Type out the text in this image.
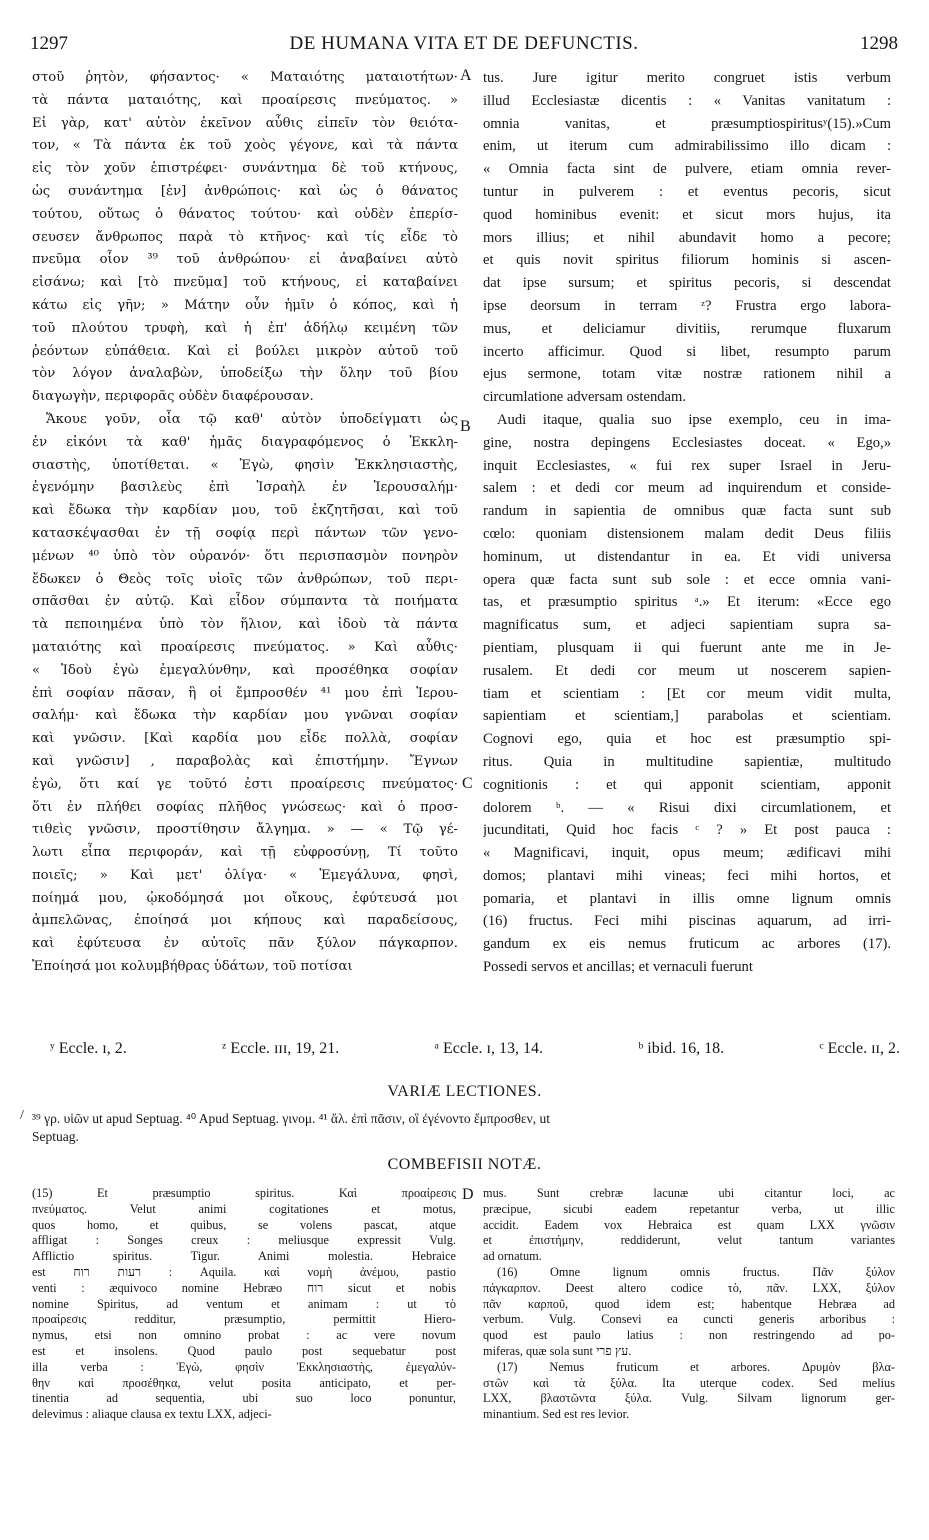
1297	DE HUMANA VITA ET DE DEFUNCTIS.	1298
A
B
C
D
στοῦ ῥητὸν, φήσαντος· « Ματαιότης ματαιοτήτων·
τὰ πάντα ματαιότης, καὶ προαίρεσις πνεύματος. »
Εἰ γὰρ, κατ' αὐτὸν ἐκεῖνον αὖθις εἰπεῖν τὸν θειότα-
τον, « Τὰ πάντα ἐκ τοῦ χοὸς γέγονε, καὶ τὰ πάντα
εἰς τὸν χοῦν ἐπιστρέφει· συνάντημα δὲ τοῦ κτήνους,
ὡς συνάντημα [ἐν] ἀνθρώποις· καὶ ὡς ὁ θάνατος
τούτου, οὕτως ὁ θάνατος τούτου· καὶ οὐδὲν ἐπερίσ-
σευσεν ἄνθρωπος παρὰ τὸ κτῆνος· καὶ τίς εἶδε τὸ
πνεῦμα οἷον ³⁹ τοῦ ἀνθρώπου· εἰ ἀναβαίνει αὐτὸ
εἰσάνω; καὶ [τὸ πνεῦμα] τοῦ κτήνους, εἰ καταβαίνει
κάτω εἰς γῆν; » Μάτην οὖν ἡμῖν ὁ κόπος, καὶ ἡ
τοῦ πλούτου τρυφὴ, καὶ ἡ ἐπ' ἀδήλῳ κειμένη τῶν
ῥεόντων εὐπάθεια. Καὶ εἰ βούλει μικρὸν αὐτοῦ τοῦ
τὸν λόγον ἀναλαβὼν, ὑποδείξω τὴν ὅλην τοῦ βίου
διαγωγὴν, περιφορᾶς οὐδὲν διαφέρουσαν.
Ἄκουε γοῦν, οἷα τῷ καθ' αὐτὸν ὑποδείγματι ὡς
ἐν εἰκόνι τὰ καθ' ἡμᾶς διαγραφόμενος ὁ Ἐκκλη-
σιαστὴς, ὑποτίθεται. « Ἐγὼ, φησὶν Ἐκκλησιαστὴς,
ἐγενόμην βασιλεὺς ἐπὶ Ἰσραὴλ ἐν Ἱερουσαλήμ·
καὶ ἔδωκα τὴν καρδίαν μου, τοῦ ἐκζητῆσαι, καὶ τοῦ
κατασκέψασθαι ἐν τῇ σοφίᾳ περὶ πάντων τῶν γενο-
μένων ⁴⁰ ὑπὸ τὸν οὐρανόν· ὅτι περισπασμὸν πονηρὸν
ἔδωκεν ὁ Θεὸς τοῖς υἱοῖς τῶν ἀνθρώπων, τοῦ περι-
σπᾶσθαι ἐν αὐτῷ. Καὶ εἶδον σύμπαντα τὰ ποιήματα
τὰ πεποιημένα ὑπὸ τὸν ἥλιον, καὶ ἰδοὺ τὰ πάντα
ματαιότης καὶ προαίρεσις πνεύματος. » Καὶ αὖθις·
« Ἰδοὺ ἐγὼ ἐμεγαλύνθην, καὶ προσέθηκα σοφίαν
ἐπὶ σοφίαν πᾶσαν, ἣ οἱ ἔμπροσθέν ⁴¹ μου ἐπὶ Ἱερου-
σαλήμ· καὶ ἔδωκα τὴν καρδίαν μου γνῶναι σοφίαν
καὶ γνῶσιν. [Καὶ καρδία μου εἶδε πολλὰ, σοφίαν
καὶ γνῶσιν] , παραβολὰς καὶ ἐπιστήμην. Ἔγνων
ἐγὼ, ὅτι καί γε τοῦτό ἐστι προαίρεσις πνεύματος·
ὅτι ἐν πλήθει σοφίας πλῆθος γνώσεως· καὶ ὁ προσ-
τιθεὶς γνῶσιν, προστίθησιν ἄλγημα. » — « Τῷ γέ-
λωτι εἶπα περιφοράν, καὶ τῇ εὐφροσύνῃ, Τί τοῦτο
ποιεῖς; » Καὶ μετ' ὀλίγα· « Ἐμεγάλυνα, φησὶ,
ποίημά μου, ᾠκοδόμησά μοι οἴκους, ἐφύτευσά μοι
ἀμπελῶνας, ἐποίησά μοι κήπους καὶ παραδείσους,
καὶ ἐφύτευσα ἐν αὐτοῖς πᾶν ξύλον πάγκαρπον.
Ἐποίησά μοι κολυμβήθρας ὑδάτων, τοῦ ποτίσαι
tus. Jure igitur merito congruet istis verbum
illud Ecclesiastæ dicentis : « Vanitas vanitatum :
omnia vanitas, et præsumptiospiritusʸ(15).»Cum
enim, ut iterum cum admirabilissimo illo dicam :
« Omnia facta sint de pulvere, etiam omnia rever-
tuntur in pulverem : et eventus pecoris, sicut
quod hominibus evenit: et sicut mors hujus, ita
mors illius; et nihil abundavit homo a pecore;
et quis novit spiritus filiorum hominis si ascen-
dat ipse sursum; et spiritus pecoris, si descendat
ipse deorsum in terram ᶻ? Frustra ergo labora-
mus, et deliciamur divitiis, rerumque fluxarum
incerto afficimur. Quod si libet, resumpto parum
ejus sermone, totam vitæ nostræ rationem nihil a
circumlatione adversam ostendam.
Audi itaque, qualia suo ipse exemplo, ceu in ima-
gine, nostra depingens Ecclesiastes doceat. « Ego,»
inquit Ecclesiastes, « fui rex super Israel in Jeru-
salem : et dedi cor meum ad inquirendum et conside-
randum in sapientia de omnibus quæ facta sunt sub
cœlo: quoniam distensionem malam dedit Deus filiis
hominum, ut distendantur in ea. Et vidi universa
opera quæ facta sunt sub sole : et ecce omnia vani-
tas, et præsumptio spiritus ᵃ.» Et iterum: «Ecce ego
magnificatus sum, et adjeci sapientiam supra sa-
pientiam, plusquam ii qui fuerunt ante me in Je-
rusalem. Et dedi cor meum ut noscerem sapien-
tiam et scientiam : [Et cor meum vidit multa,
sapientiam et scientiam,] parabolas et scientiam.
Cognovi ego, quia et hoc est præsumptio spi-
ritus. Quia in multitudine sapientiæ, multitudo
cognitionis : et qui apponit scientiam, apponit
dolorem ᵇ. — « Risui dixi circumlationem, et
jucunditati, Quid hoc facis ᶜ ? » Et post pauca :
« Magnificavi, inquit, opus meum; ædificavi mihi
domos; plantavi mihi vineas; feci mihi hortos, et
pomaria, et plantavi in illis omne lignum omnis
(16) fructus. Feci mihi piscinas aquarum, ad irri-
gandum ex eis nemus fruticum ac arbores (17).
Possedi servos et ancillas; et vernaculi fuerunt
ʸ Eccle. ɪ, 2.	ᶻ Eccle. ɪɪɪ, 19, 21.	ᵃ Eccle. ɪ, 13, 14.	ᵇ ibid. 16, 18.	ᶜ Eccle. ɪɪ, 2.
VARIÆ LECTIONES.
/ ³⁹ γρ. υἱῶν ut apud Septuag. ⁴⁰ Apud Septuag. γινομ. ⁴¹ ἄλ. ἐπὶ πᾶσιν, οἳ ἐγένοντο ἔμπροσθεν, ut
Septuag.
COMBEFISII NOTÆ.
(15) Et præsumptio spiritus. Καὶ προαίρεσις
πνεύματος. Velut animi cogitationes et motus,
quos homo, et quibus, se volens pascat, atque
affligat : Songes creux : meliusque expressit Vulg.
Afflictio spiritus. Tigur. Animi molestia. Hebraice
est רעות רוח : Aquila. καὶ νομὴ ἀνέμου, pastio
venti : æquivoco nomine Hebræo רוח sicut et nobis
nomine Spiritus, ad ventum et animam : ut τὸ
προαίρεσις redditur, præsumptio, permittit Hiero-
nymus, etsi non omnino probat : ac vere novum
est et insolens. Quod paulo post sequebatur post
illa verba : Ἐγὼ, φησὶν Ἐκκλησιαστὴς, ἐμεγαλύν-
θην καὶ προσέθηκα, velut posita anticipato, et per-
tinentia ad sequentia, ubi suo loco ponuntur,
delevimus : aliaque clausa ex textu LXX, adjeci-
mus. Sunt crebræ lacunæ ubi citantur loci, ac
præcipue, sicubi eadem repetantur verba, ut illic
accidit. Eadem vox Hebraica est quam LXX γνῶσιν
et ἐπιστήμην, reddiderunt, velut tantum variantes
ad ornatum.
(16) Omne lignum omnis fructus. Πᾶν ξύλον
πάγκαρπον. Deest altero codice τὸ, πᾶν. LXX, ξύλον
πᾶν καρποῦ, quod idem est; habentque Hebræa ad
verbum. Vulg. Consevi ea cuncti generis arboribus :
quod est paulo latius : non restringendo ad po-
miferas, quæ sola sunt עץ פרי.
(17) Nemus fruticum et arbores. Δρυμὸν βλα-
στῶν καὶ τὰ ξύλα. Ita uterque codex. Sed melius
LXX, βλαστῶντα ξύλα. Vulg. Silvam lignorum ger-
minantium. Sed est res levior.
